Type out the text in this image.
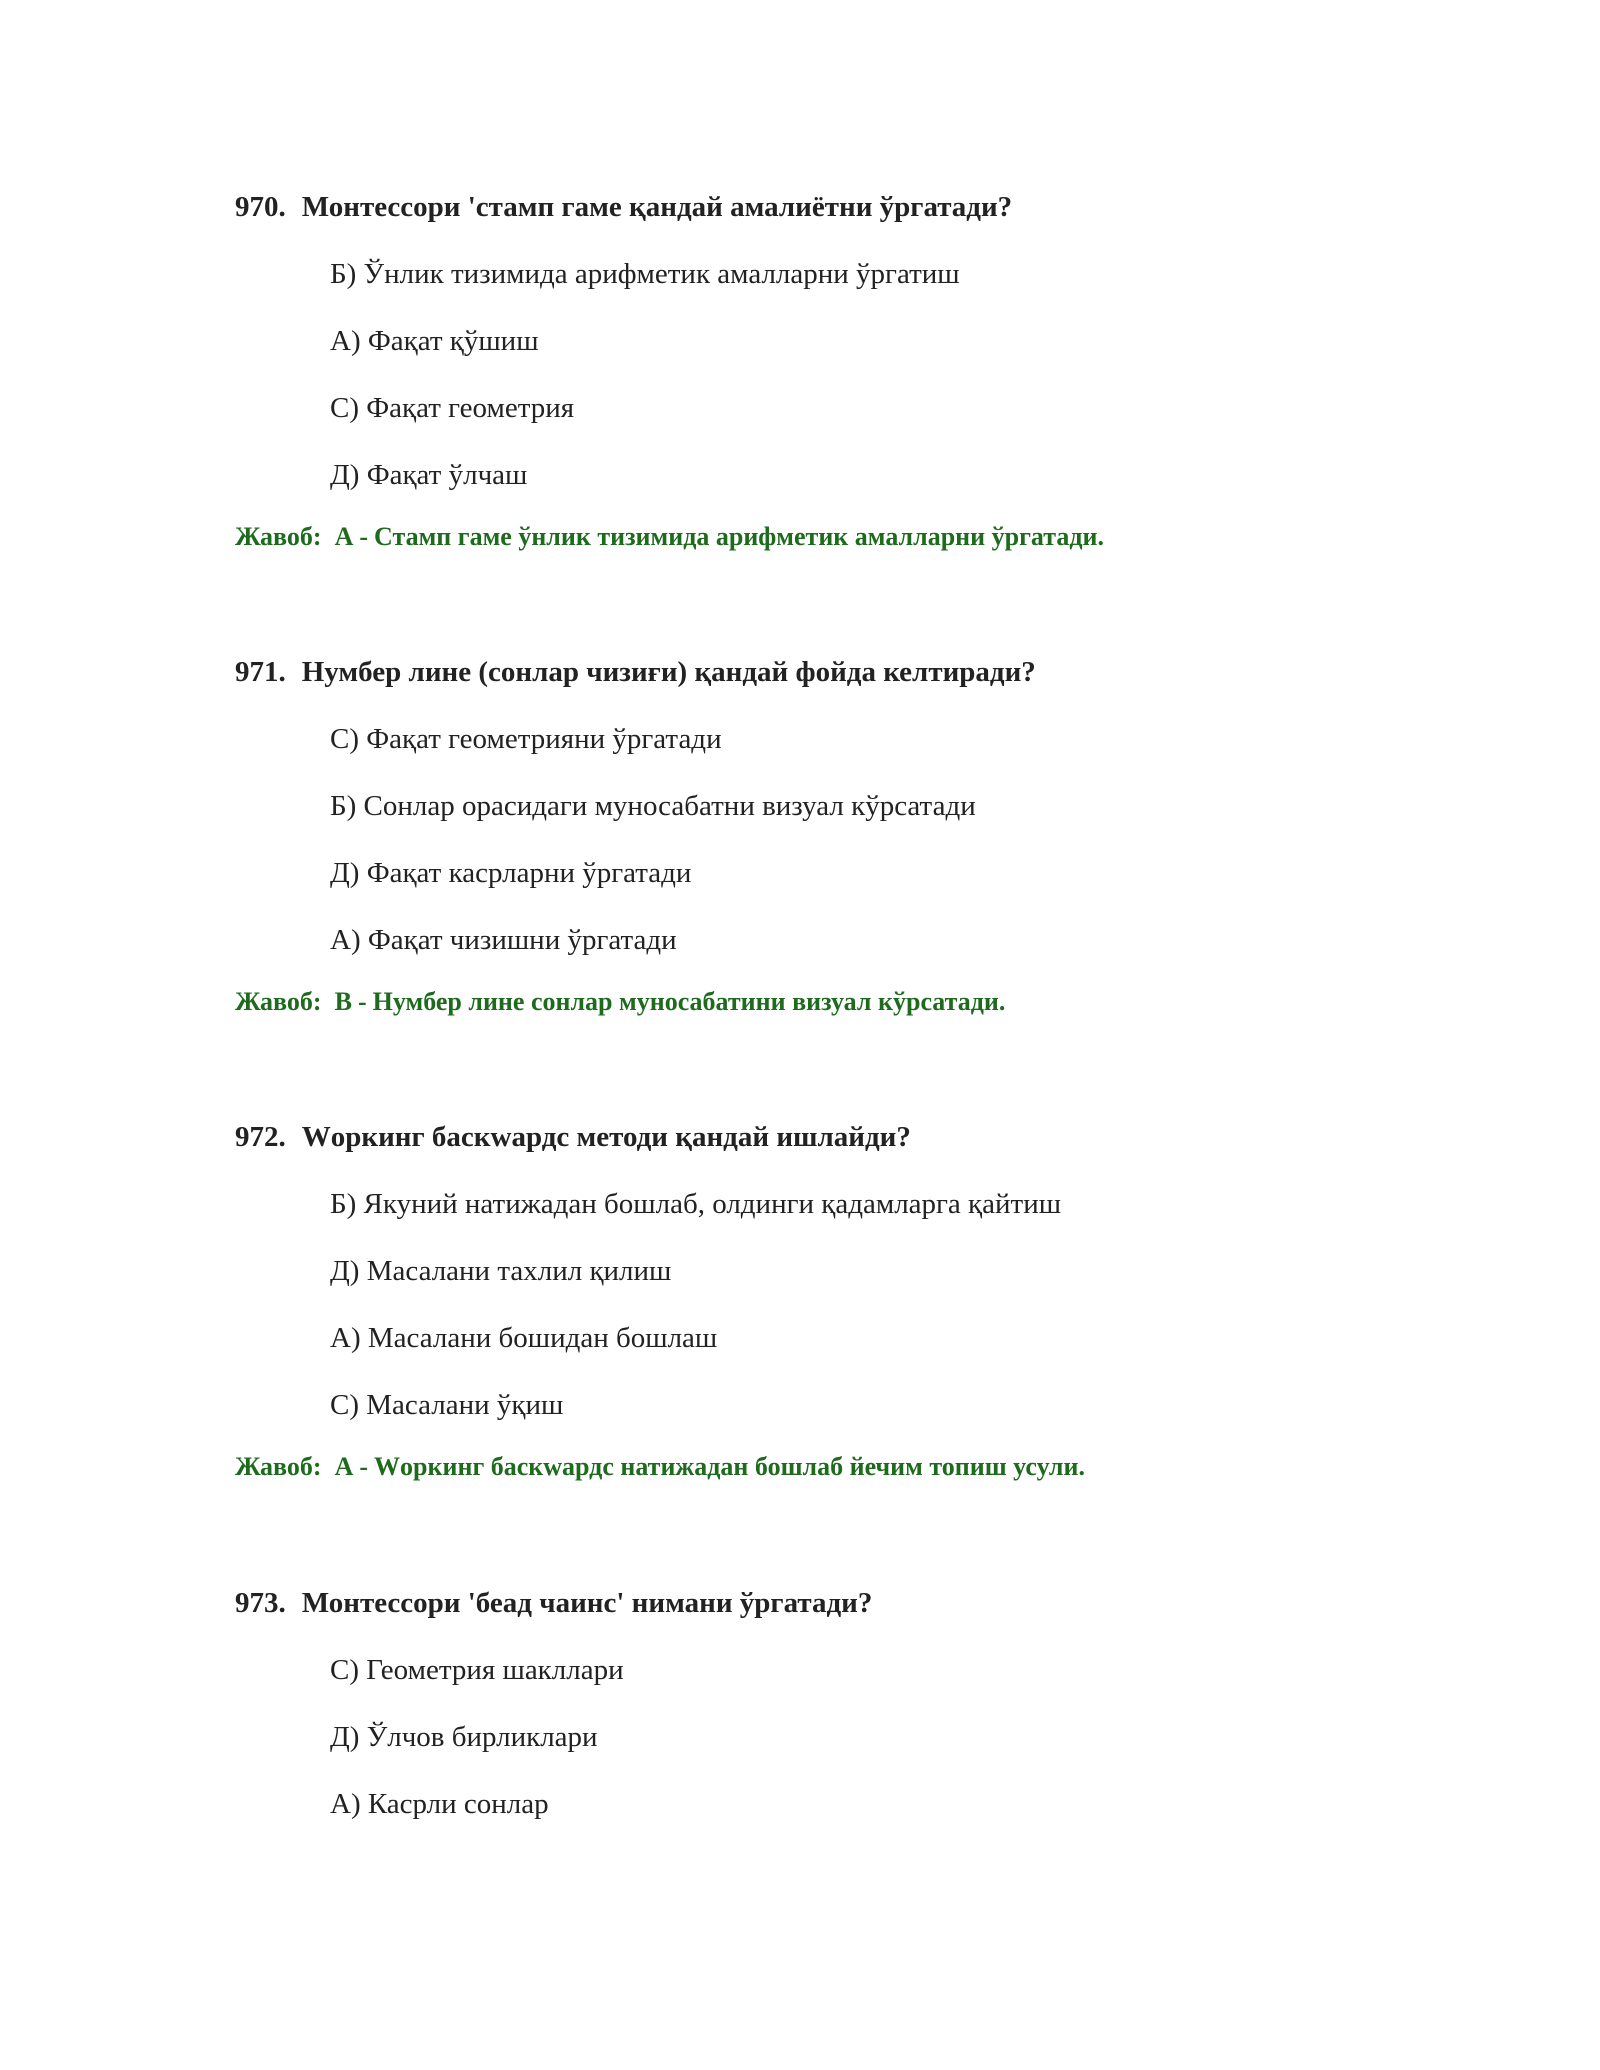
970. Монтессори 'стамп гаме қандай амалиётни ўргатади?
Б) Ўнлик тизимида арифметик амалларни ўргатиш
А) Фақат қўшиш
С) Фақат геометрия
Д) Фақат ўлчаш
Жавоб: A - Стамп гаме ўнлик тизимида арифметик амалларни ўргатади.
971. Нумбер лине (сонлар чизиғи) қандай фойда келтиради?
С) Фақат геометрияни ўргатади
Б) Сонлар орасидаги муносабатни визуал кўрсатади
Д) Фақат касрларни ўргатади
А) Фақат чизишни ўргатади
Жавоб: B - Нумбер лине сонлар муносабатини визуал кўрсатади.
972. Wоркинг баскwардс методи қандай ишлайди?
Б) Якуний натижадан бошлаб, олдинги қадамларга қайтиш
Д) Масалани тахлил қилиш
А) Масалани бошидан бошлаш
С) Масалани ўқиш
Жавоб: A - Wоркинг баскwардс натижадан бошлаб йечим топиш усули.
973. Монтессори 'беад чаинс' нимани ўргатади?
С) Геометрия шакллари
Д) Ўлчов бирликлари
А) Касрли сонлар
